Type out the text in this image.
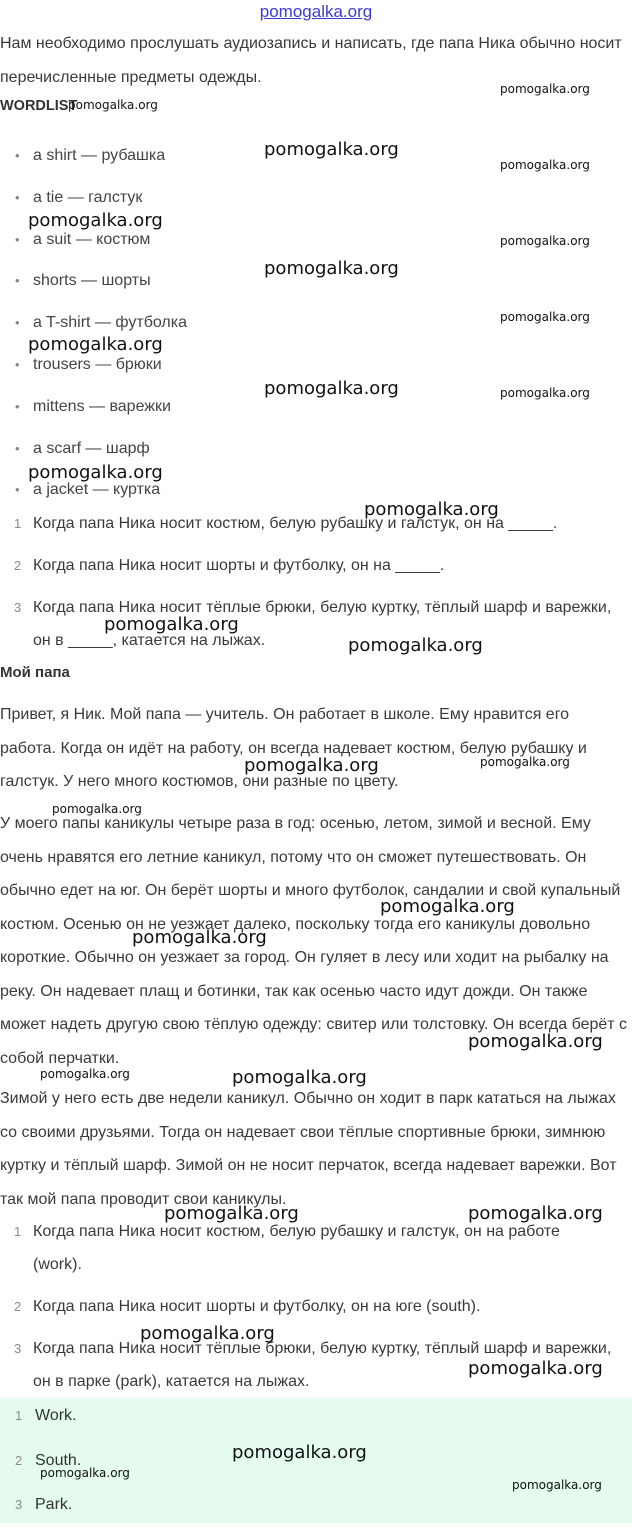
pomogalka.org

Нам необходимо прослушать аудиозапись и написать, где папа Ника обычно носит перечисленные предметы одежды.

WORDLIST

• a shirt — рубашка
• a tie — галстук
• a suit — костюм
• shorts — шорты
• a T-shirt — футболка
• trousers — брюки
• mittens — варежки
• a scarf — шарф
• a jacket — куртка
1 Когда папа Ника носит костюм, белую рубашку и галстук, он на _____.
2 Когда папа Ника носит шорты и футболку, он на _____.
3 Когда папа Ника носит тёплые брюки, белую куртку, тёплый шарф и варежки, он в _____, катается на лыжах.

Мой папа

Привет, я Ник. Мой папа — учитель. Он работает в школе. Ему нравится его работа. Когда он идёт на работу, он всегда надевает костюм, белую рубашку и галстук. У него много костюмов, они разные по цвету.

У моего папы каникулы четыре раза в год: осенью, летом, зимой и весной. Ему очень нравятся его летние каникул, потому что он сможет путешествовать. Он обычно едет на юг. Он берёт шорты и много футболок, сандалии и свой купальный костюм. Осенью он не уезжает далеко, поскольку тогда его каникулы довольно короткие. Обычно он уезжает за город. Он гуляет в лесу или ходит на рыбалку на реку. Он надевает плащ и ботинки, так как осенью часто идут дожди. Он также может надеть другую свою тёплую одежду: свитер или толстовку. Он всегда берёт с собой перчатки.

Зимой у него есть две недели каникул. Обычно он ходит в парк кататься на лыжах со своими друзьями. Тогда он надевает свои тёплые спортивные брюки, зимнюю куртку и тёплый шарф. Зимой он не носит перчаток, всегда надевает варежки. Вот так мой папа проводит свои каникулы.

1 Когда папа Ника носит костюм, белую рубашку и галстук, он на работе (work).
2 Когда папа Ника носит шорты и футболку, он на юге (south).
3 Когда папа Ника носит тёплые брюки, белую куртку, тёплый шарф и варежки, он в парке (park), катается на лыжах.
1 Work.
2 South.
3 Park.
pomogalka.org
pomogalka.org
pomogalka.org
pomogalka.org
pomogalka.org
pomogalka.org
pomogalka.org
pomogalka.org
pomogalka.org
pomogalka.org	pomogalka.org
pomogalka.org
pomogalka.org
pomogalka.org
pomogalka.org
pomogalka.org	pomogalka.org
pomogalka.org
pomogalka.org
pomogalka.org
pomogalka.org
pomogalka.org	pomogalka.org
pomogalka.org	pomogalka.org
pomogalka.org
pomogalka.org
pomogalka.org
pomogalka.org
pomogalka.org
